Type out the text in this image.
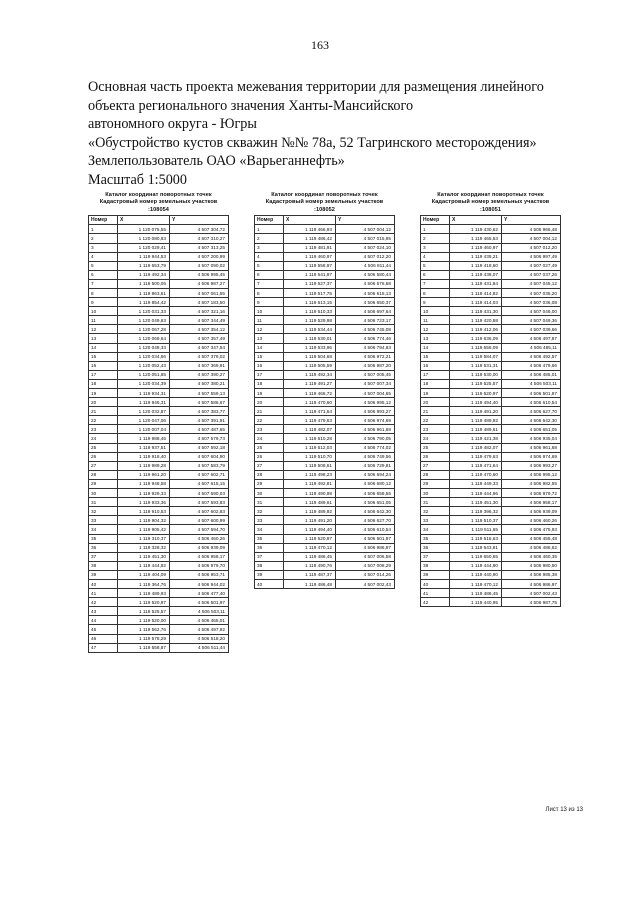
163
Основная часть проекта межевания территории для размещения линейного
объекта регионального значения Ханты-Мансийского
автономного округа - Югры
«Обустройство кустов скважин №№ 78а, 52 Тагринского месторождения»
Землепользователь ОАО «Варьеганнефть»
Масштаб 1:5000
Каталог координат поворотных точек
Кадастровый номер земельных участков
:108054
Номер	X	Y
1	1 120 075,55	4 507 304,72
2	1 120 080,83	4 507 310,27
3	1 120 029,41	4 507 313,25
4	1 119 944,53	4 507 200,99
5	1 119 653,79	4 507 090,02
6	1 119 492,34	4 506 995,45
7	1 119 500,05	4 506 987,27
8	1 119 863,61	4 507 061,55
9	1 119 854,42	4 507 183,50
10	1 120 031,33	4 507 321,16
11	1 120 049,63	4 507 344,49
12	1 120 067,28	4 507 354,12
13	1 120 069,64	4 507 357,49
14	1 120 048,33	4 507 347,54
15	1 120 034,56	4 507 379,02
16	1 120 052,43	4 507 369,91
17	1 120 051,85	4 507 390,27
18	1 120 034,39	4 507 380,21
19	1 119 934,31	4 507 559,13
20	1 119 946,31	4 507 586,67
21	1 120 032,87	4 507 383,77
22	1 120 047,06	4 507 391,91
23	1 120 007,04	4 507 487,65
24	1 119 988,45	4 507 579,73
25	1 119 937,51	4 507 592,18
26	1 119 918,40	4 507 604,90
27	1 119 989,28	4 507 583,79
28	1 119 961,20	4 507 602,71
29	1 119 948,58	4 507 615,15
30	1 119 929,33	4 507 590,03
31	1 119 933,36	4 507 593,83
32	1 119 910,53	4 507 602,83
33	1 119 904,32	4 507 600,99
34	1 119 905,42	4 507 594,70
35	1 119 310,37	4 506 460,26
36	1 119 328,32	4 506 939,09
37	1 119 451,30	4 506 958,17
38	1 119 444,92	4 506 979,70
39	1 119 404,09	4 506 953,71
40	1 119 364,76	4 506 944,02
41	1 119 489,93	4 506 477,40
42	1 119 520,97	4 506 501,97
43	1 119 525,57	4 506 503,11
44	1 119 520,00	4 506 465,01
45	1 119 562,76	4 506 497,92
46	1 119 578,29	4 506 518,20
47	1 119 558,87	4 506 511,44
Каталог координат поворотных точек
Кадастровый номер земельных участков
:108052
Номер	X	Y
1	1 119 466,93	4 507 004,12
2	1 119 486,42	4 507 015,95
3	1 119 481,91	4 507 024,10
4	1 119 460,97	4 507 012,20
5	1 119 558,97	4 506 811,44
6	1 119 541,97	4 506 580,44
7	1 119 527,37	4 506 576,68
8	1 119 517,75	4 506 615,13
9	1 119 513,15	4 506 650,37
10	1 119 510,33	4 506 697,64
11	1 119 529,98	4 506 723,17
12	1 119 534,44	4 506 745,08
13	1 119 530,01	4 506 774,46
14	1 119 533,96	4 506 794,83
15	1 119 504,68	4 506 972,21
16	1 119 505,59	4 506 987,20
17	1 119 492,34	4 507 005,45
18	1 119 491,27	4 507 007,34
19	1 119 466,72	4 507 004,65
20	1 119 470,60	4 506 995,12
21	1 119 471,64	4 506 993,27
22	1 119 479,63	4 506 974,69
23	1 119 482,07	4 506 961,68
24	1 119 510,28	4 506 790,05
25	1 119 512,03	4 506 774,02
26	1 119 510,70	4 506 749,56
27	1 119 508,61	4 506 729,81
28	1 119 498,23	4 506 694,24
29	1 119 492,81	4 506 680,12
30	1 119 490,98	4 506 658,55
31	1 119 489,61	4 506 651,05
32	1 119 489,92	4 506 642,30
33	1 119 491,20	4 506 627,70
34	1 119 494,40	4 506 610,54
35	1 119 520,97	4 506 501,97
36	1 119 470,12	4 506 986,97
37	1 119 486,45	4 507 006,58
38	1 119 490,76	4 507 008,29
39	1 119 487,37	4 507 014,26
40	1 119 486,48	4 507 002,43
Каталог координат поворотных точек
Кадастровый номер земельных участков
:108051
Номер	X	Y
1	1 119 430,62	4 506 966,48
2	1 119 465,53	4 507 004,12
3	1 119 460,97	4 507 012,20
4	1 119 435,21	4 506 997,49
5	1 119 418,60	4 507 027,49
6	1 119 438,07	4 507 037,26
7	1 119 431,84	4 507 045,12
8	1 119 414,82	4 507 035,20
9	1 119 414,03	4 507 036,08
10	1 119 431,30	4 507 046,00
11	1 119 420,58	4 507 049,36
12	1 119 412,06	4 507 039,66
13	1 119 636,09	4 506 497,87
14	1 119 556,09	4 506 485,11
15	1 119 584,07	4 506 492,57
16	1 119 531,31	4 506 479,66
17	1 119 530,00	4 506 485,01
18	1 119 525,57	4 506 503,11
19	1 119 520,97	4 506 501,97
20	1 119 494,40	4 506 610,54
21	1 119 491,20	4 506 627,70
22	1 119 489,92	4 506 642,30
23	1 119 489,61	4 506 651,05
24	1 119 421,38	4 506 935,04
25	1 119 482,07	4 506 961,68
26	1 119 479,63	4 506 974,69
27	1 119 471,64	4 506 993,27
28	1 119 470,60	4 506 995,12
29	1 119 449,33	4 506 982,55
30	1 119 444,96	4 506 979,72
31	1 119 451,30	4 506 958,17
32	1 119 396,32	4 506 939,09
33	1 119 510,37	4 506 460,26
34	1 119 511,65	4 506 475,93
35	1 119 516,63	4 506 455,48
36	1 119 643,81	4 506 486,62
37	1 119 650,65	4 506 460,35
38	1 119 444,90	4 506 980,50
39	1 119 440,90	4 506 985,38
40	1 119 470,12	4 506 986,97
41	1 119 486,45	4 507 002,43
42	1 119 440,95	4 506 987,75
Лист 13 из 13
